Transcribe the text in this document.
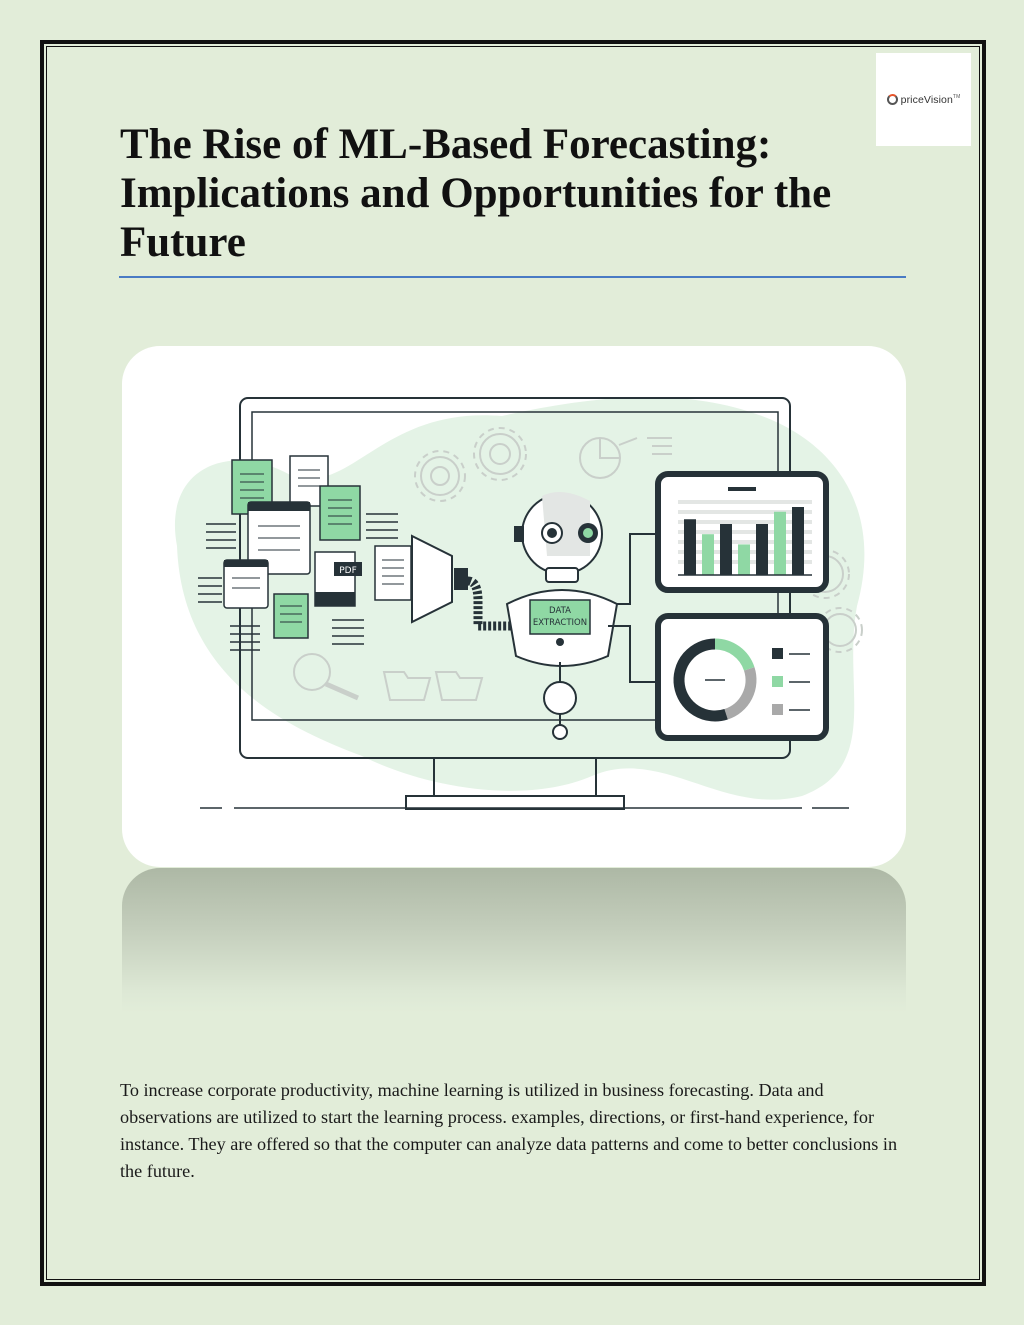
priceVision™
The Rise of ML-Based Forecasting: Implications and Opportunities for the Future
PDF
DATA
EXTRACTION

To increase corporate productivity, machine learning is utilized in business forecasting. Data and observations are utilized to start the learning process. examples, directions, or first-hand experience, for instance. They are offered so that the computer can analyze data patterns and come to better conclusions in the future.
